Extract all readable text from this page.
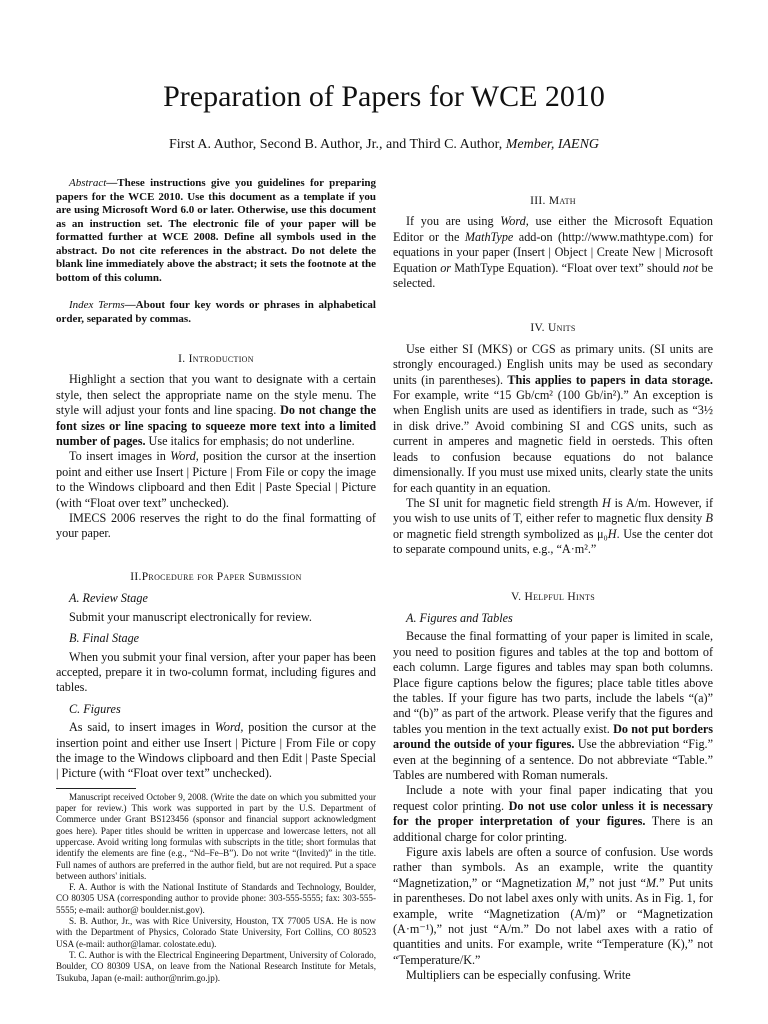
Preparation of Papers for WCE 2010
First A. Author, Second B. Author, Jr., and Third C. Author, Member, IAENG

Abstract—These instructions give you guidelines for preparing papers for the WCE 2010. Use this document as a template if you are using Microsoft Word 6.0 or later. Otherwise, use this document as an instruction set. The electronic file of your paper will be formatted further at WCE 2008. Define all symbols used in the abstract. Do not cite references in the abstract. Do not delete the blank line immediately above the abstract; it sets the footnote at the bottom of this column.

Index Terms—About four key words or phrases in alphabetical order, separated by commas.

I. Introduction

Highlight a section that you want to designate with a certain style, then select the appropriate name on the style menu. The style will adjust your fonts and line spacing. Do not change the font sizes or line spacing to squeeze more text into a limited number of pages. Use italics for emphasis; do not underline.

To insert images in Word, position the cursor at the insertion point and either use Insert | Picture | From File or copy the image to the Windows clipboard and then Edit | Paste Special | Picture (with “Float over text” unchecked).

IMECS 2006 reserves the right to do the final formatting of your paper.

II.Procedure for Paper Submission
A. Review Stage

Submit your manuscript electronically for review.

B. Final Stage

When you submit your final version, after your paper has been accepted, prepare it in two-column format, including figures and tables.

C. Figures

As said, to insert images in Word, position the cursor at the insertion point and either use Insert | Picture | From File or copy the image to the Windows clipboard and then Edit | Paste Special | Picture (with “Float over text” unchecked).

Manuscript received October 9, 2008. (Write the date on which you submitted your paper for review.) This work was supported in part by the U.S. Department of Commerce under Grant BS123456 (sponsor and financial support acknowledgment goes here). Paper titles should be written in uppercase and lowercase letters, not all uppercase. Avoid writing long formulas with subscripts in the title; short formulas that identify the elements are fine (e.g., “Nd–Fe–B”). Do not write “(Invited)” in the title. Full names of authors are preferred in the author field, but are not required. Put a space between authors' initials.

F. A. Author is with the National Institute of Standards and Technology, Boulder, CO 80305 USA (corresponding author to provide phone: 303-555-5555; fax: 303-555-5555; e-mail: author@ boulder.nist.gov).

S. B. Author, Jr., was with Rice University, Houston, TX 77005 USA. He is now with the Department of Physics, Colorado State University, Fort Collins, CO 80523 USA (e-mail: author@lamar. colostate.edu).

T. C. Author is with the Electrical Engineering Department, University of Colorado, Boulder, CO 80309 USA, on leave from the National Research Institute for Metals, Tsukuba, Japan (e-mail: author@nrim.go.jp).

III. Math

If you are using Word, use either the Microsoft Equation Editor or the MathType add-on (http://www.mathtype.com) for equations in your paper (Insert | Object | Create New | Microsoft Equation or MathType Equation). “Float over text” should not be selected.

IV. Units

Use either SI (MKS) or CGS as primary units. (SI units are strongly encouraged.) English units may be used as secondary units (in parentheses). This applies to papers in data storage. For example, write “15 Gb/cm² (100 Gb/in²).” An exception is when English units are used as identifiers in trade, such as “3½ in disk drive.” Avoid combining SI and CGS units, such as current in amperes and magnetic field in oersteds. This often leads to confusion because equations do not balance dimensionally. If you must use mixed units, clearly state the units for each quantity in an equation.

The SI unit for magnetic field strength H is A/m. However, if you wish to use units of T, either refer to magnetic flux density B or magnetic field strength symbolized as μ₀H. Use the center dot to separate compound units, e.g., “A·m².”

V. Helpful Hints
A. Figures and Tables

Because the final formatting of your paper is limited in scale, you need to position figures and tables at the top and bottom of each column. Large figures and tables may span both columns. Place figure captions below the figures; place table titles above the tables. If your figure has two parts, include the labels “(a)” and “(b)” as part of the artwork. Please verify that the figures and tables you mention in the text actually exist. Do not put borders around the outside of your figures. Use the abbreviation “Fig.” even at the beginning of a sentence. Do not abbreviate “Table.” Tables are numbered with Roman numerals.

Include a note with your final paper indicating that you request color printing. Do not use color unless it is necessary for the proper interpretation of your figures. There is an additional charge for color printing.

Figure axis labels are often a source of confusion. Use words rather than symbols. As an example, write the quantity “Magnetization,” or “Magnetization M,” not just “M.” Put units in parentheses. Do not label axes only with units. As in Fig. 1, for example, write “Magnetization (A/m)” or “Magnetization (A·m⁻¹),” not just “A/m.” Do not label axes with a ratio of quantities and units. For example, write “Temperature (K),” not “Temperature/K.”

Multipliers can be especially confusing. Write
